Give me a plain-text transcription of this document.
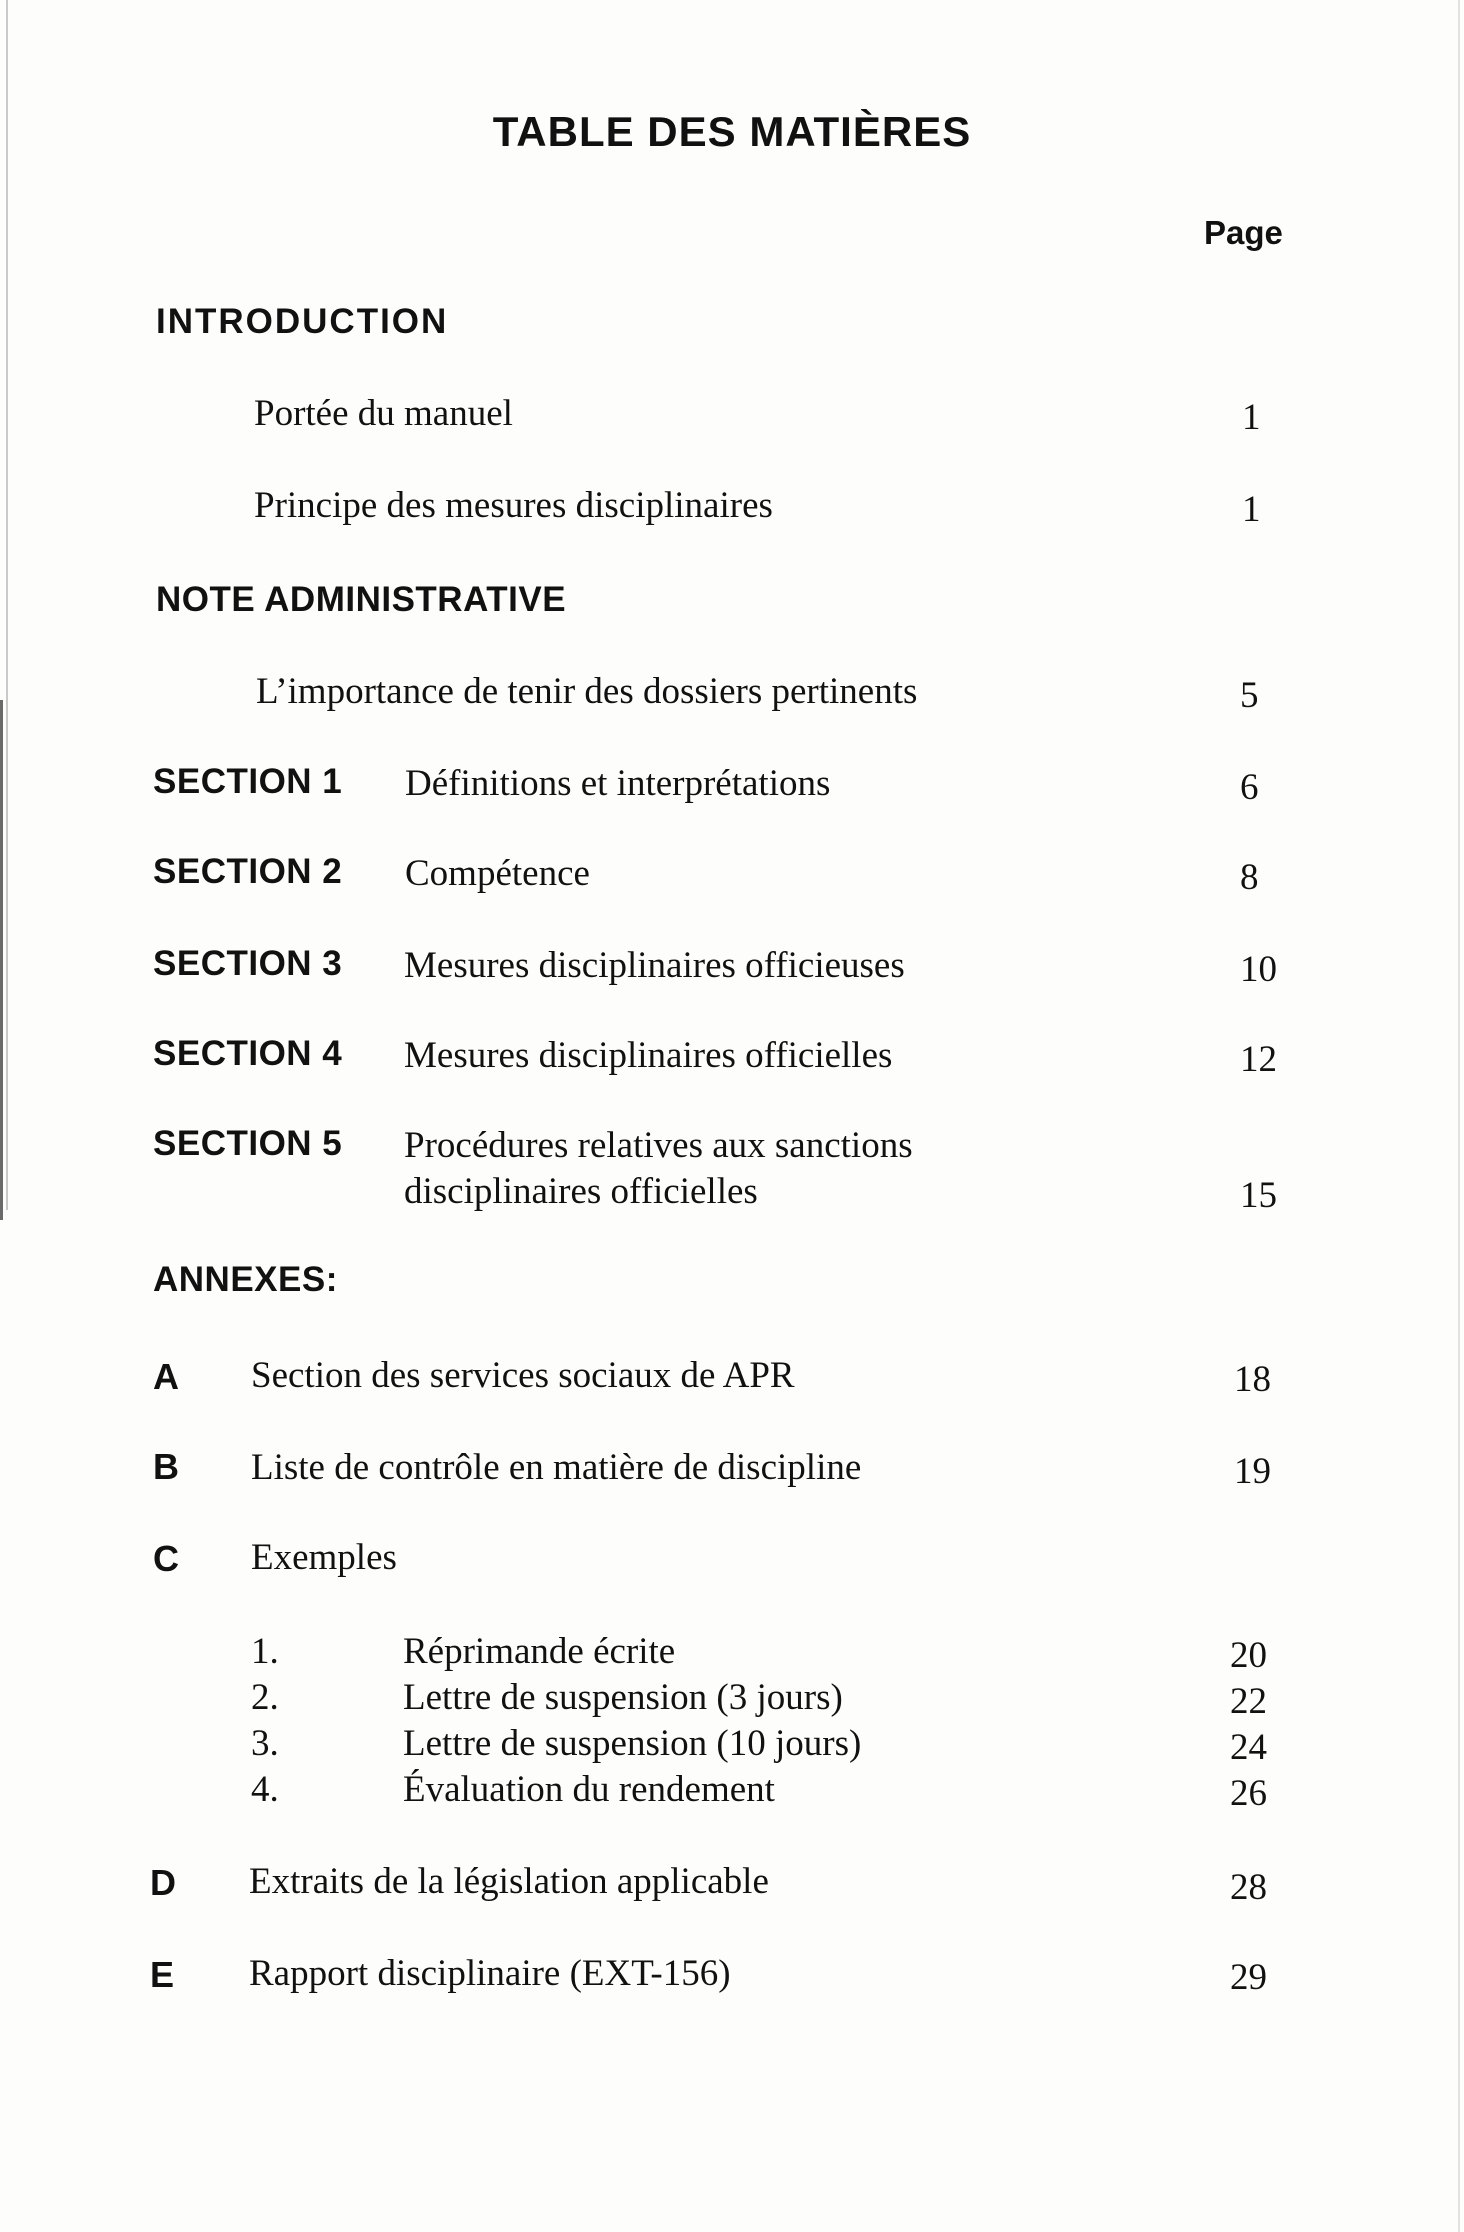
TABLE DES MATIÈRES
Page
INTRODUCTION
Portée du manuel	1
Principe des mesures disciplinaires	1
NOTE ADMINISTRATIVE
L’importance de tenir des dossiers pertinents	5
SECTION 1 Définitions et interprétations	6
SECTION 2 Compétence	8
SECTION 3 Mesures disciplinaires officieuses	10
SECTION 4 Mesures disciplinaires officielles	12
SECTION 5 Procédures relatives aux sanctions
disciplinaires officielles	15
ANNEXES:
A Section des services sociaux de APR	18
B Liste de contrôle en matière de discipline	19
C Exemples
1.	Réprimande écrite	20
2.	Lettre de suspension (3 jours)	22
3.	Lettre de suspension (10 jours)	24
4.	Évaluation du rendement	26
D Extraits de la législation applicable	28
E Rapport disciplinaire (EXT-156)	29
